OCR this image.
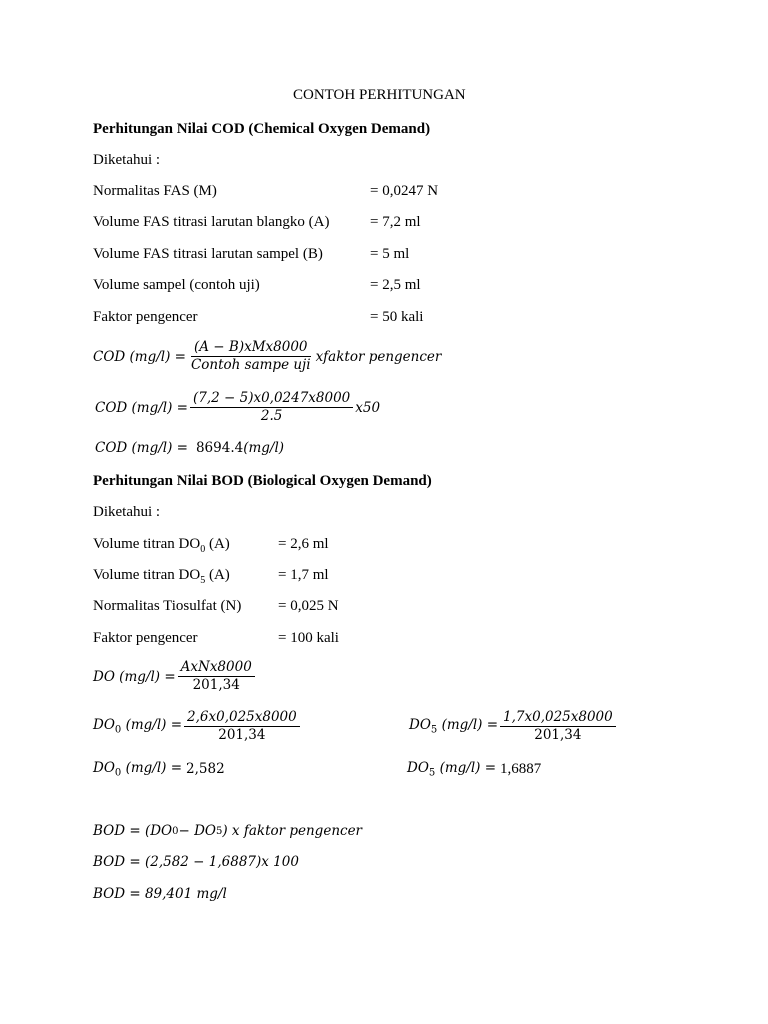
CONTOH PERHITUNGAN
Perhitungan Nilai COD (Chemical Oxygen Demand)
Diketahui :
Normalitas FAS (M)	= 0,0247 N
Volume FAS titrasi larutan blangko (A)	= 7,2 ml
Volume FAS titrasi larutan sampel (B)	= 5 ml
Volume sampel (contoh uji)	= 2,5 ml
Faktor pengencer	= 50 kali
COD $(mg/l) = \frac{\text{(A − B)xMx8000}}{\text{Contoh sampe uji}}$ xfaktor pengencer
COD $(mg/l) = \frac{(7,2 - 5)x0,0247x8000}{2.5} x50$
COD (mg/l) = 8694.4 (mg/l)
Perhitungan Nilai BOD (Biological Oxygen Demand)
Diketahui :
Volume titran $DO_0$ (A)	= 2,6 ml
Volume titran $DO_5$ (A)	= 1,7 ml
Normalitas Tiosulfat (N) = 0,025 N
Faktor pengencer	= 100 kali
DO $(mg/l) = \frac{\text{AxNx8000}}{201,34}$
$DO_0$ $(mg/l) = \frac{2,6x0,025x8000}{201,34}$	$DO_5$ $(mg/l) = \frac{1,7x0,025x8000}{201,34}$
$DO_0$ (mg/l) = 2,582	$DO_5$ (mg/l) = 1,6887
BOD = (DO 0 − DO 5 ) x faktor pengencer
BOD = (2,582 − 1,6887)x 100
BOD = 89,401 mg/l
